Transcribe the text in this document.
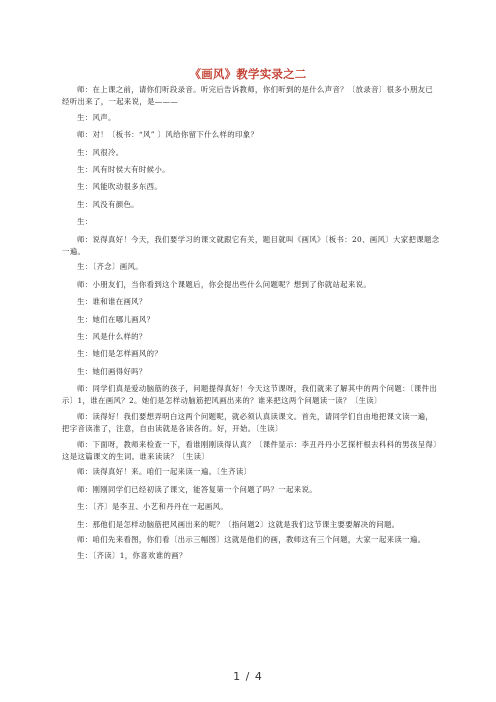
《画风》教学实录之二

师：在上课之前，请你们听段录音。听完后告诉教师，你们听到的是什么声音？〔放录音〕很多小朋友已经听出来了，一起来说，是———

生：风声。

师：对！〔板书：“风” 〕风给你留下什么样的印象？

生：风很冷。

生：风有时侯大有时候小。

生：风能吹动很多东西。

生：风没有颜色。

生：

师：说得真好！今天，我们要学习的课文就跟它有关，题目就叫《画风》〔板书：20、画风〕大家把课题念一遍。

生：〔齐念〕画风。

师：小朋友们，当你看到这个课题后，你会提出些什么问题呢？想到了你就站起来说。

生：谁和谁在画风？

生：她们在哪儿画风？

生：风是什么样的？

生：她们是怎样画风的？

生：她们画得好吗？

师：同学们真是爱动脑筋的孩子，问题提得真好！今天这节课呀，我们就来了解其中的两个问题：〔课件出示〕1，谁在画风？2。她们是怎样动脑筋把风画出来的？谁来把这两个问题读一读？〔生读〕

师：读得好！我们要想弄明白这两个问题呢，就必须认真读课文。首先，请同学们自由地把课文读一遍，把字音读准了，注意，自由读就是各读各的。好，开始。〔生读〕

师：下面呀，教师来检查一下，看谁刚刚读得认真？〔课件显示：李丑丹丹小艺探杆根去科科的男孩呈得〕这是这篇课文的生词。谁来读读？〔生读〕

师：读得真好！来。咱们一起来读一遍。〔生齐读〕

师：刚刚同学们已经初读了课文，能答复第一个问题了吗？一起来说。

生：〔齐〕是李丑、小艺和丹丹在一起画风。

生：那他们是怎样动脑筋把风画出来的呢？〔指问题2〕这就是我们这节课主要要解决的问题。

师：咱们先来看图，你们看〔出示三幅图〕这就是他们的画，教师这有三个问题，大家一起来读一遍。

生：〔齐读〕1，你喜欢谁的画？

1 / 4
